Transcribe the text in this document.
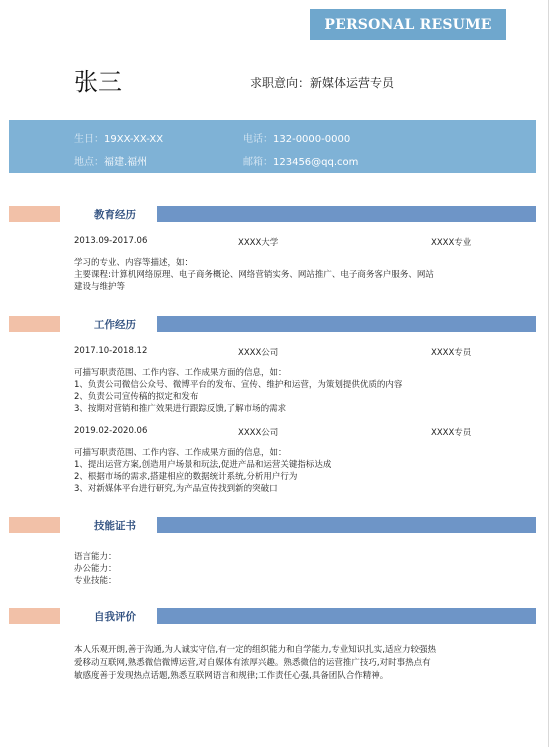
PERSONAL RESUME
张三	求职意向：新媒体运营专员
生日：19XX-XX-XX	电话：132-0000-0000
地点：福建.福州	邮箱：123456@qq.com
教育经历
2013.09-2017.06	XXXX大学	XXXX专业
学习的专业、内容等描述，如：
主要课程:计算机网络原理、电子商务概论、网络营销实务、网站推广、电子商务客户服务、网站
建设与维护等
工作经历
2017.10-2018.12	XXXX公司	XXXX专员
可描写职责范围、工作内容、工作成果方面的信息，如：
1、负责公司微信公众号、微博平台的发布、宣传、维护和运营，为策划提供优质的内容
2、负责公司宣传稿的拟定和发布
3、按期对营销和推广效果进行跟踪反馈,了解市场的需求
2019.02-2020.06	XXXX公司	XXXX专员
可描写职责范围、工作内容、工作成果方面的信息，如：
1、提出运营方案,创造用户场景和玩法,促进产品和运营关键指标达成
2、根据市场的需求,搭建相应的数据统计系统,分析用户行为
3、对新媒体平台进行研究,为产品宣传找到新的突破口
技能证书
语言能力：
办公能力：
专业技能：
自我评价
本人乐观开朗,善于沟通,为人诚实守信,有一定的组织能力和自学能力,专业知识扎实,适应力较强热
爱移动互联网,熟悉微信微博运营,对自媒体有浓厚兴趣。熟悉微信的运营推广技巧,对时事热点有
敏感度善于发现热点话题,熟悉互联网语言和规律;工作责任心强,具备团队合作精神。
